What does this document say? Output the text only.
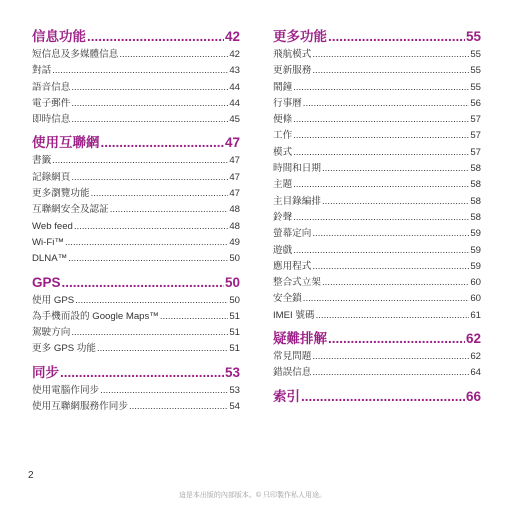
信息功能 .....	42
短信息及多媒體信息 .....	42
對話 .....	43
語音信息 .....	44
電子郵件 .....	44
即時信息 .....	45
使用互聯網 .....	47
書籤 .....	47
記錄網頁 .....	47
更多瀏覽功能 .....	47
互聯網安全及認証 .....	48
Web feed .....	48
Wi-Fi™ .....	49
DLNA™ .....	50
GPS .....	50
使用 GPS .....	50
為手機而設的 Google Maps™ .....	51
駕駛方向 .....	51
更多 GPS 功能 .....	51
同步 .....	53
使用電腦作同步 .....	53
使用互聯網服務作同步 .....	54
更多功能 .....	55
飛航模式 .....	55
更新服務 .....	55
鬧鐘 .....	55
行事曆 .....	56
便條 .....	57
工作 .....	57
模式 .....	57
時間和日期 .....	58
主題 .....	58
主目錄編排 .....	58
鈴聲 .....	58
螢幕定向 .....	59
遊戲 .....	59
應用程式 .....	59
整合式立架 .....	60
安全鎖 .....	60
IMEI 號碼 .....	61
疑難排解 .....	62
常見問題 .....	62
錯誤信息 .....	64
索引 .....	66
2
這是本出版的內部版本。© 只印製作私人用途。
